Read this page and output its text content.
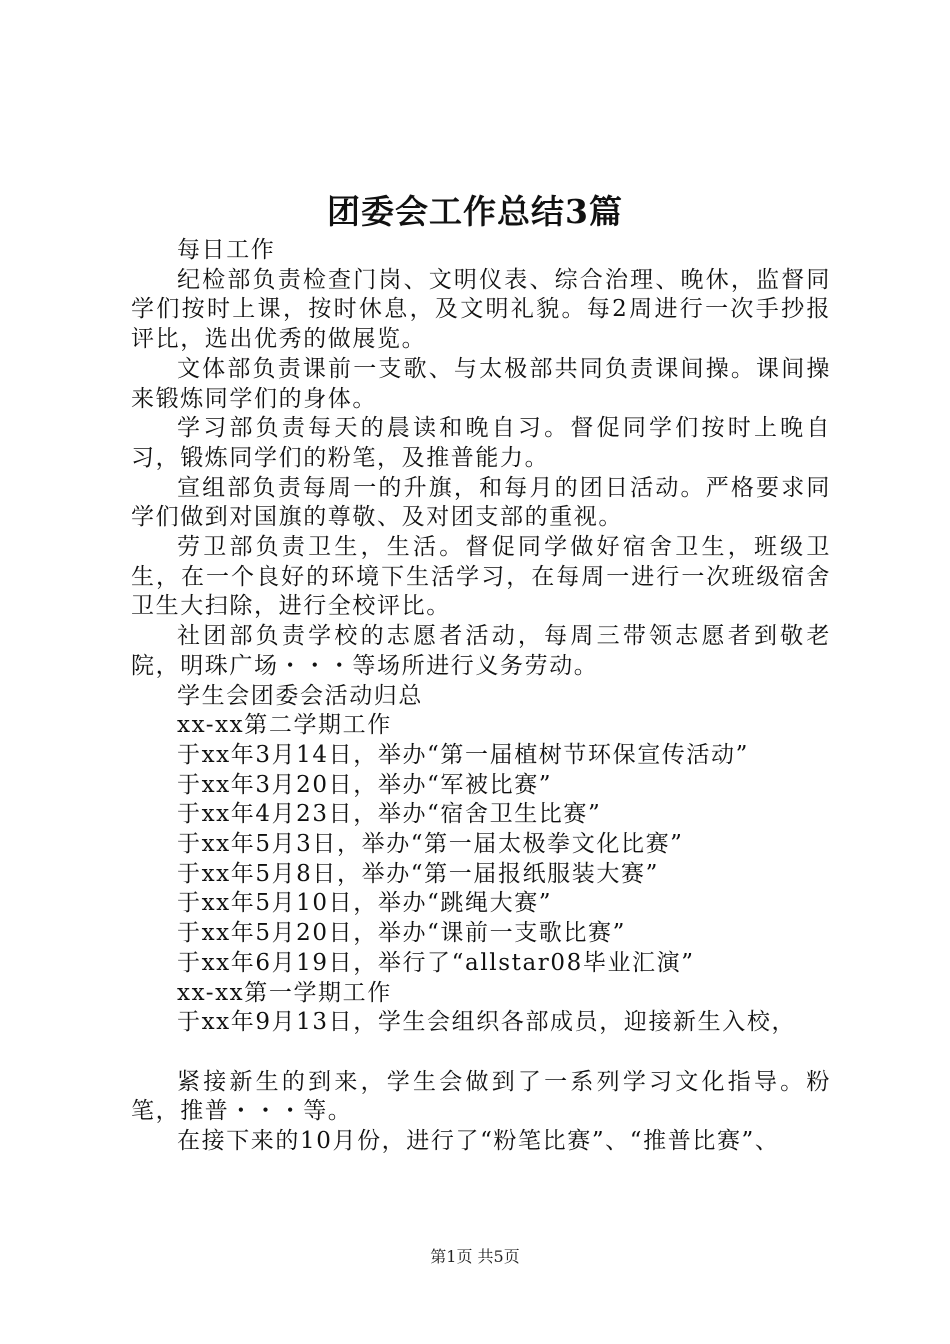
团委会工作总结3篇

每日工作

纪检部负责检查门岗、文明仪表、综合治理、晚休，监督同学们按时上课，按时休息，及文明礼貌。每2周进行一次手抄报评比，选出优秀的做展览。

文体部负责课前一支歌、与太极部共同负责课间操。课间操来锻炼同学们的身体。

学习部负责每天的晨读和晚自习。督促同学们按时上晚自习，锻炼同学们的粉笔，及推普能力。

宣组部负责每周一的升旗，和每月的团日活动。严格要求同学们做到对国旗的尊敬、及对团支部的重视。

劳卫部负责卫生，生活。督促同学做好宿舍卫生，班级卫生，在一个良好的环境下生活学习，在每周一进行一次班级宿舍卫生大扫除，进行全校评比。

社团部负责学校的志愿者活动，每周三带领志愿者到敬老院，明珠广场・・・等场所进行义务劳动。

学生会团委会活动归总

xx-xx第二学期工作

于xx年3月14日，举办“第一届植树节环保宣传活动”

于xx年3月20日，举办“军被比赛”

于xx年4月23日，举办“宿舍卫生比赛”

于xx年5月3日，举办“第一届太极拳文化比赛”

于xx年5月8日，举办“第一届报纸服装大赛”

于xx年5月10日，举办“跳绳大赛”

于xx年5月20日，举办“课前一支歌比赛”

于xx年6月19日，举行了“allstar08毕业汇演”

xx-xx第一学期工作

于xx年9月13日，学生会组织各部成员，迎接新生入校，

紧接新生的到来，学生会做到了一系列学习文化指导。粉笔，推普・・・等。

在接下来的10月份，进行了“粉笔比赛”、“推普比赛”、

第1页 共5页
